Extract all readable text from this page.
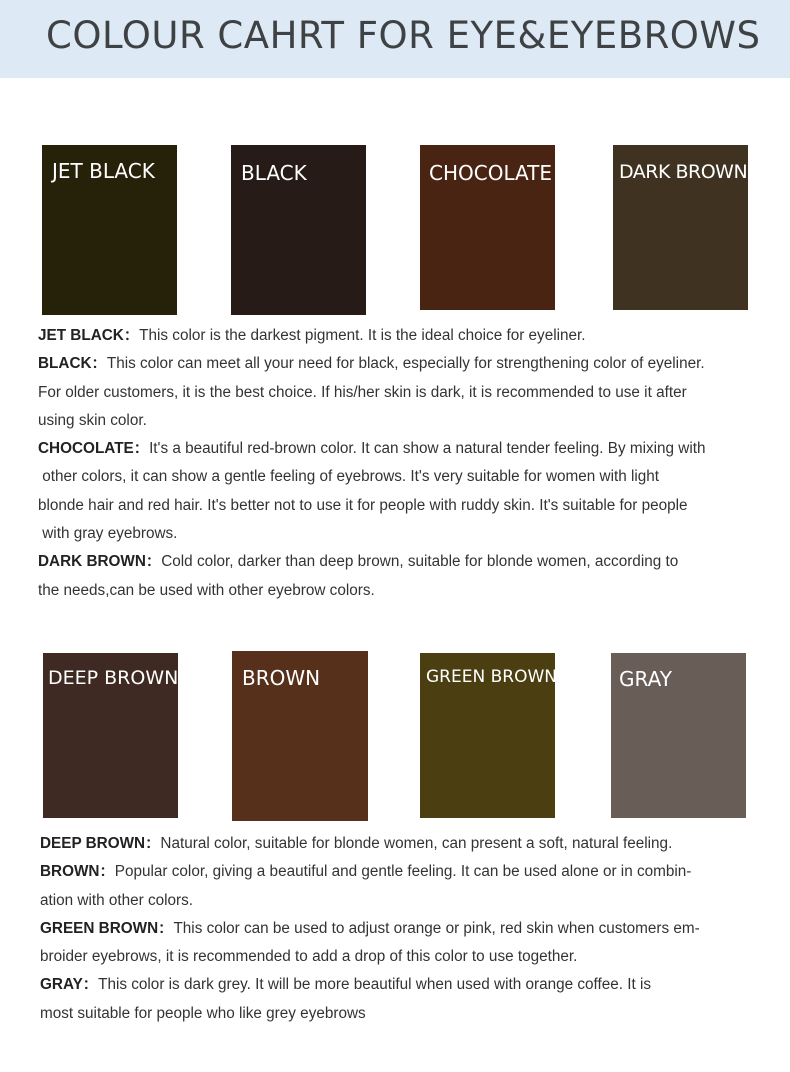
COLOUR CAHRT FOR EYE&EYEBROWS
JET BLACK	BLACK	CHOCOLATE	DARK BROWN

JET BLACK：This color is the darkest pigment. It is the ideal choice for eyeliner.

BLACK：This color can meet all your need for black, especially for strengthening color of eyeliner.
For older customers, it is the best choice. If his/her skin is dark, it is recommended to use it after
using skin color.

CHOCOLATE：It's a beautiful red-brown color. It can show a natural tender feeling. By mixing with
other colors, it can show a gentle feeling of eyebrows. It's very suitable for women with light
blonde hair and red hair. It's better not to use it for people with ruddy skin. It's suitable for people
with gray eyebrows.

DARK BROWN：Cold color, darker than deep brown, suitable for blonde women, according to
the needs,can be used with other eyebrow colors.

DEEP BROWN	BROWN	GREEN BROWN	GRAY

DEEP BROWN：Natural color, suitable for blonde women, can present a soft, natural feeling.

BROWN：Popular color, giving a beautiful and gentle feeling. It can be used alone or in combin-
ation with other colors.

GREEN BROWN：This color can be used to adjust orange or pink, red skin when customers em-
broider eyebrows, it is recommended to add a drop of this color to use together.

GRAY：This color is dark grey. It will be more beautiful when used with orange coffee. It is
most suitable for people who like grey eyebrows
